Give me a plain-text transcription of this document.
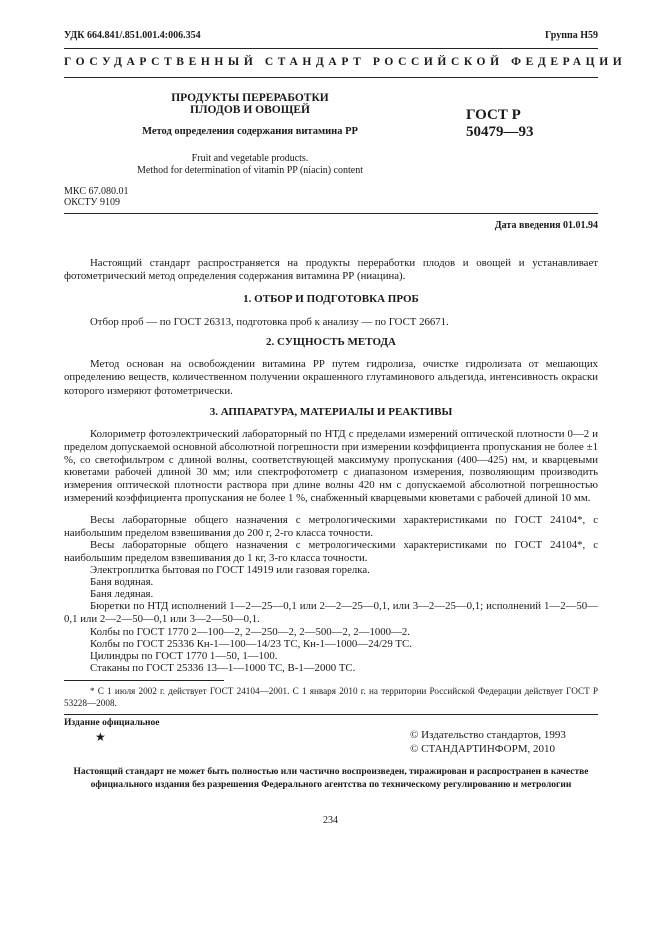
УДК 664.841/.851.001.4:006.354	Группа Н59
ГОСУДАРСТВЕННЫЙ СТАНДАРТ РОССИЙСКОЙ ФЕДЕРАЦИИ
ПРОДУКТЫ ПЕРЕРАБОТКИ
ПЛОДОВ И ОВОЩЕЙ
Метод определения содержания витамина РР
ГОСТ Р
50479—93
Fruit and vegetable products.
Method for determination of vitamin PP (niacin) content
МКС 67.080.01
ОКСТУ 9109
Дата введения 01.01.94
Настоящий стандарт распространяется на продукты переработки плодов и овощей и устанавливает фотометрический метод определения содержания витамина РР (ниацина).
1. ОТБОР И ПОДГОТОВКА ПРОБ
Отбор проб — по ГОСТ 26313, подготовка проб к анализу — по ГОСТ 26671.
2. СУЩНОСТЬ МЕТОДА
Метод основан на освобождении витамина РР путем гидролиза, очистке гидролизата от мешающих определению веществ, количественном получении окрашенного глутаминового альдегида, интенсивность окраски которого измеряют фотометрически.
3. АППАРАТУРА, МАТЕРИАЛЫ И РЕАКТИВЫ
Колориметр фотоэлектрический лабораторный по НТД с пределами измерений оптической плотности 0—2 и пределом допускаемой основной абсолютной погрешности при измерении коэффициента пропускания не более ±1 %, со светофильтром с длиной волны, соответствующей максимуму пропускания (400—425) нм, и кварцевыми кюветами рабочей длиной 30 мм; или спектрофотометр с диапазоном измерения, позволяющим производить измерения оптической плотности раствора при длине волны 420 нм с допускаемой абсолютной погрешностью измерений коэффициента пропускания не более 1 %, снабженный кварцевыми кюветами с рабочей длиной 10 мм.
Весы лабораторные общего назначения с метрологическими характеристиками по ГОСТ 24104*, с наибольшим пределом взвешивания до 200 г, 2-го класса точности.
Весы лабораторные общего назначения с метрологическими характеристиками по ГОСТ 24104*, с наибольшим пределом взвешивания до 1 кг, 3-го класса точности.
Электроплитка бытовая по ГОСТ 14919 или газовая горелка.
Баня водяная.
Баня ледяная.
Бюретки по НТД исполнений 1—2—25—0,1 или 2—2—25—0,1, или 3—2—25—0,1; исполнений 1—2—50—0,1 или 2—2—50—0,1 или 3—2—50—0,1.
Колбы по ГОСТ 1770 2—100—2, 2—250—2, 2—500—2, 2—1000—2.
Колбы по ГОСТ 25336 Кн-1—100—14/23 ТС, Кн-1—1000—24/29 ТС.
Цилиндры по ГОСТ 1770 1—50, 1—100.
Стаканы по ГОСТ 25336 13—1—1000 ТС, В-1—2000 ТС.
* С 1 июля 2002 г. действует ГОСТ 24104—2001. С 1 января 2010 г. на территории Российской Федерации действует ГОСТ Р 53228—2008.
Издание официальное
★	© Издательство стандартов, 1993
© СТАНДАРТИНФОРМ, 2010
Настоящий стандарт не может быть полностью или частично воспроизведен, тиражирован и распространен в качестве официального издания без разрешения Федерального агентства по техническому регулированию и метрологии
234
